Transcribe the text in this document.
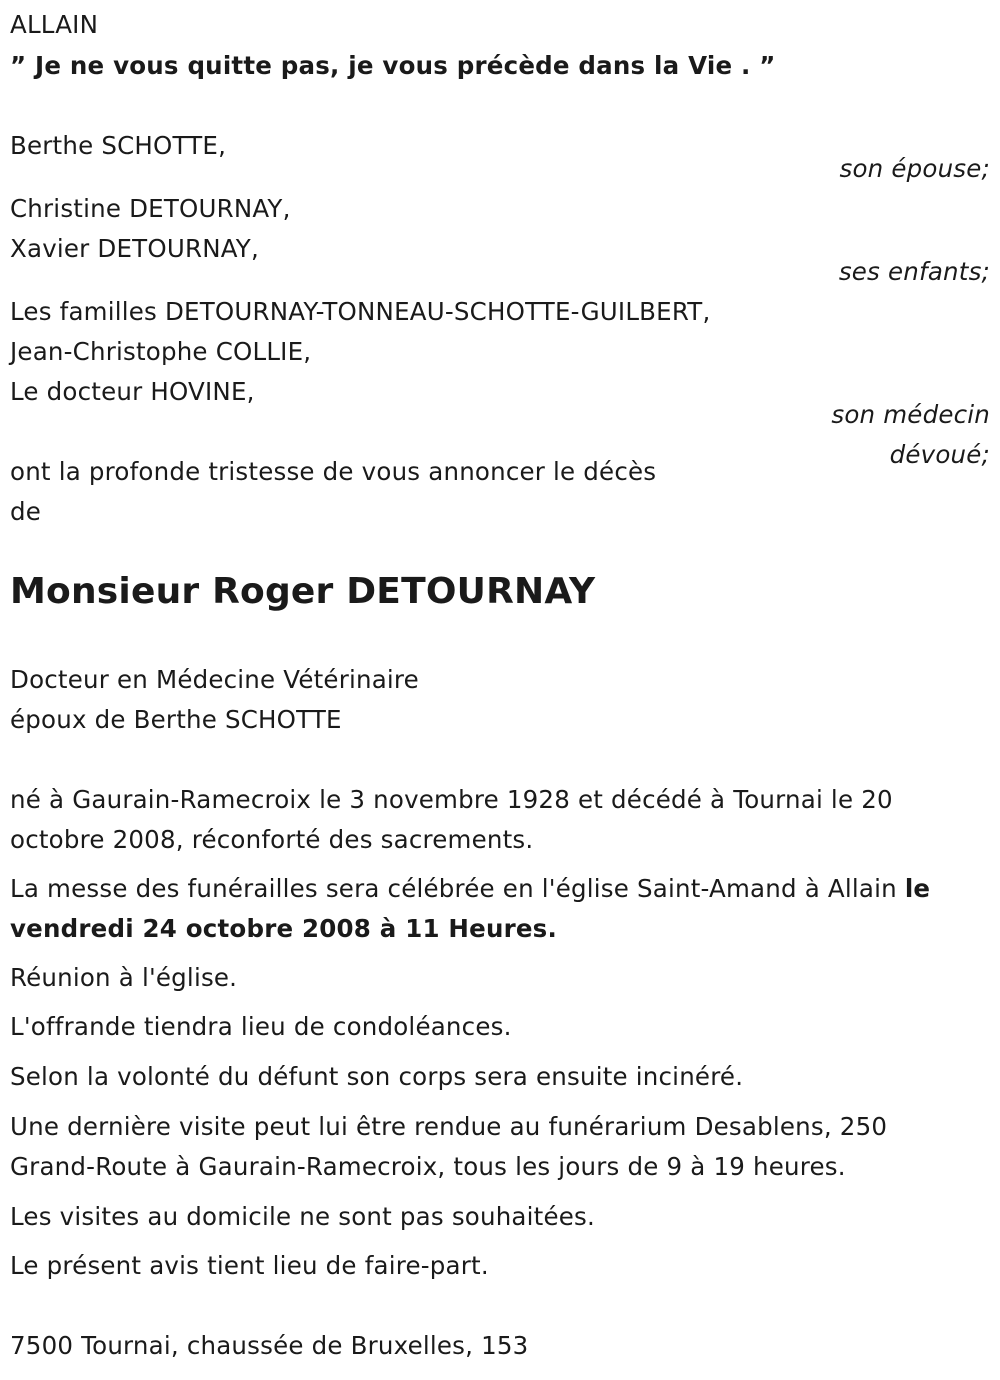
ALLAIN
” Je ne vous quitte pas, je vous précède dans la Vie . ”
Berthe SCHOTTE,
son épouse;
Christine DETOURNAY,
Xavier DETOURNAY,
ses enfants;
Les familles DETOURNAY-TONNEAU-SCHOTTE-GUILBERT,
Jean-Christophe COLLIE,
Le docteur HOVINE,
son médecin
dévoué;
ont la profonde tristesse de vous annoncer le décès
de
Monsieur Roger DETOURNAY
Docteur en Médecine Vétérinaire
époux de Berthe SCHOTTE
né à Gaurain-Ramecroix le 3 novembre 1928 et décédé à Tournai le 20
octobre 2008, réconforté des sacrements.
La messe des funérailles sera célébrée en l'église Saint-Amand à Allain le
vendredi 24 octobre 2008 à 11 Heures.
Réunion à l'église.
L'offrande tiendra lieu de condoléances.
Selon la volonté du défunt son corps sera ensuite incinéré.
Une dernière visite peut lui être rendue au funérarium Desablens, 250
Grand-Route à Gaurain-Ramecroix, tous les jours de 9 à 19 heures.
Les visites au domicile ne sont pas souhaitées.
Le présent avis tient lieu de faire-part.
7500 Tournai, chaussée de Bruxelles, 153
